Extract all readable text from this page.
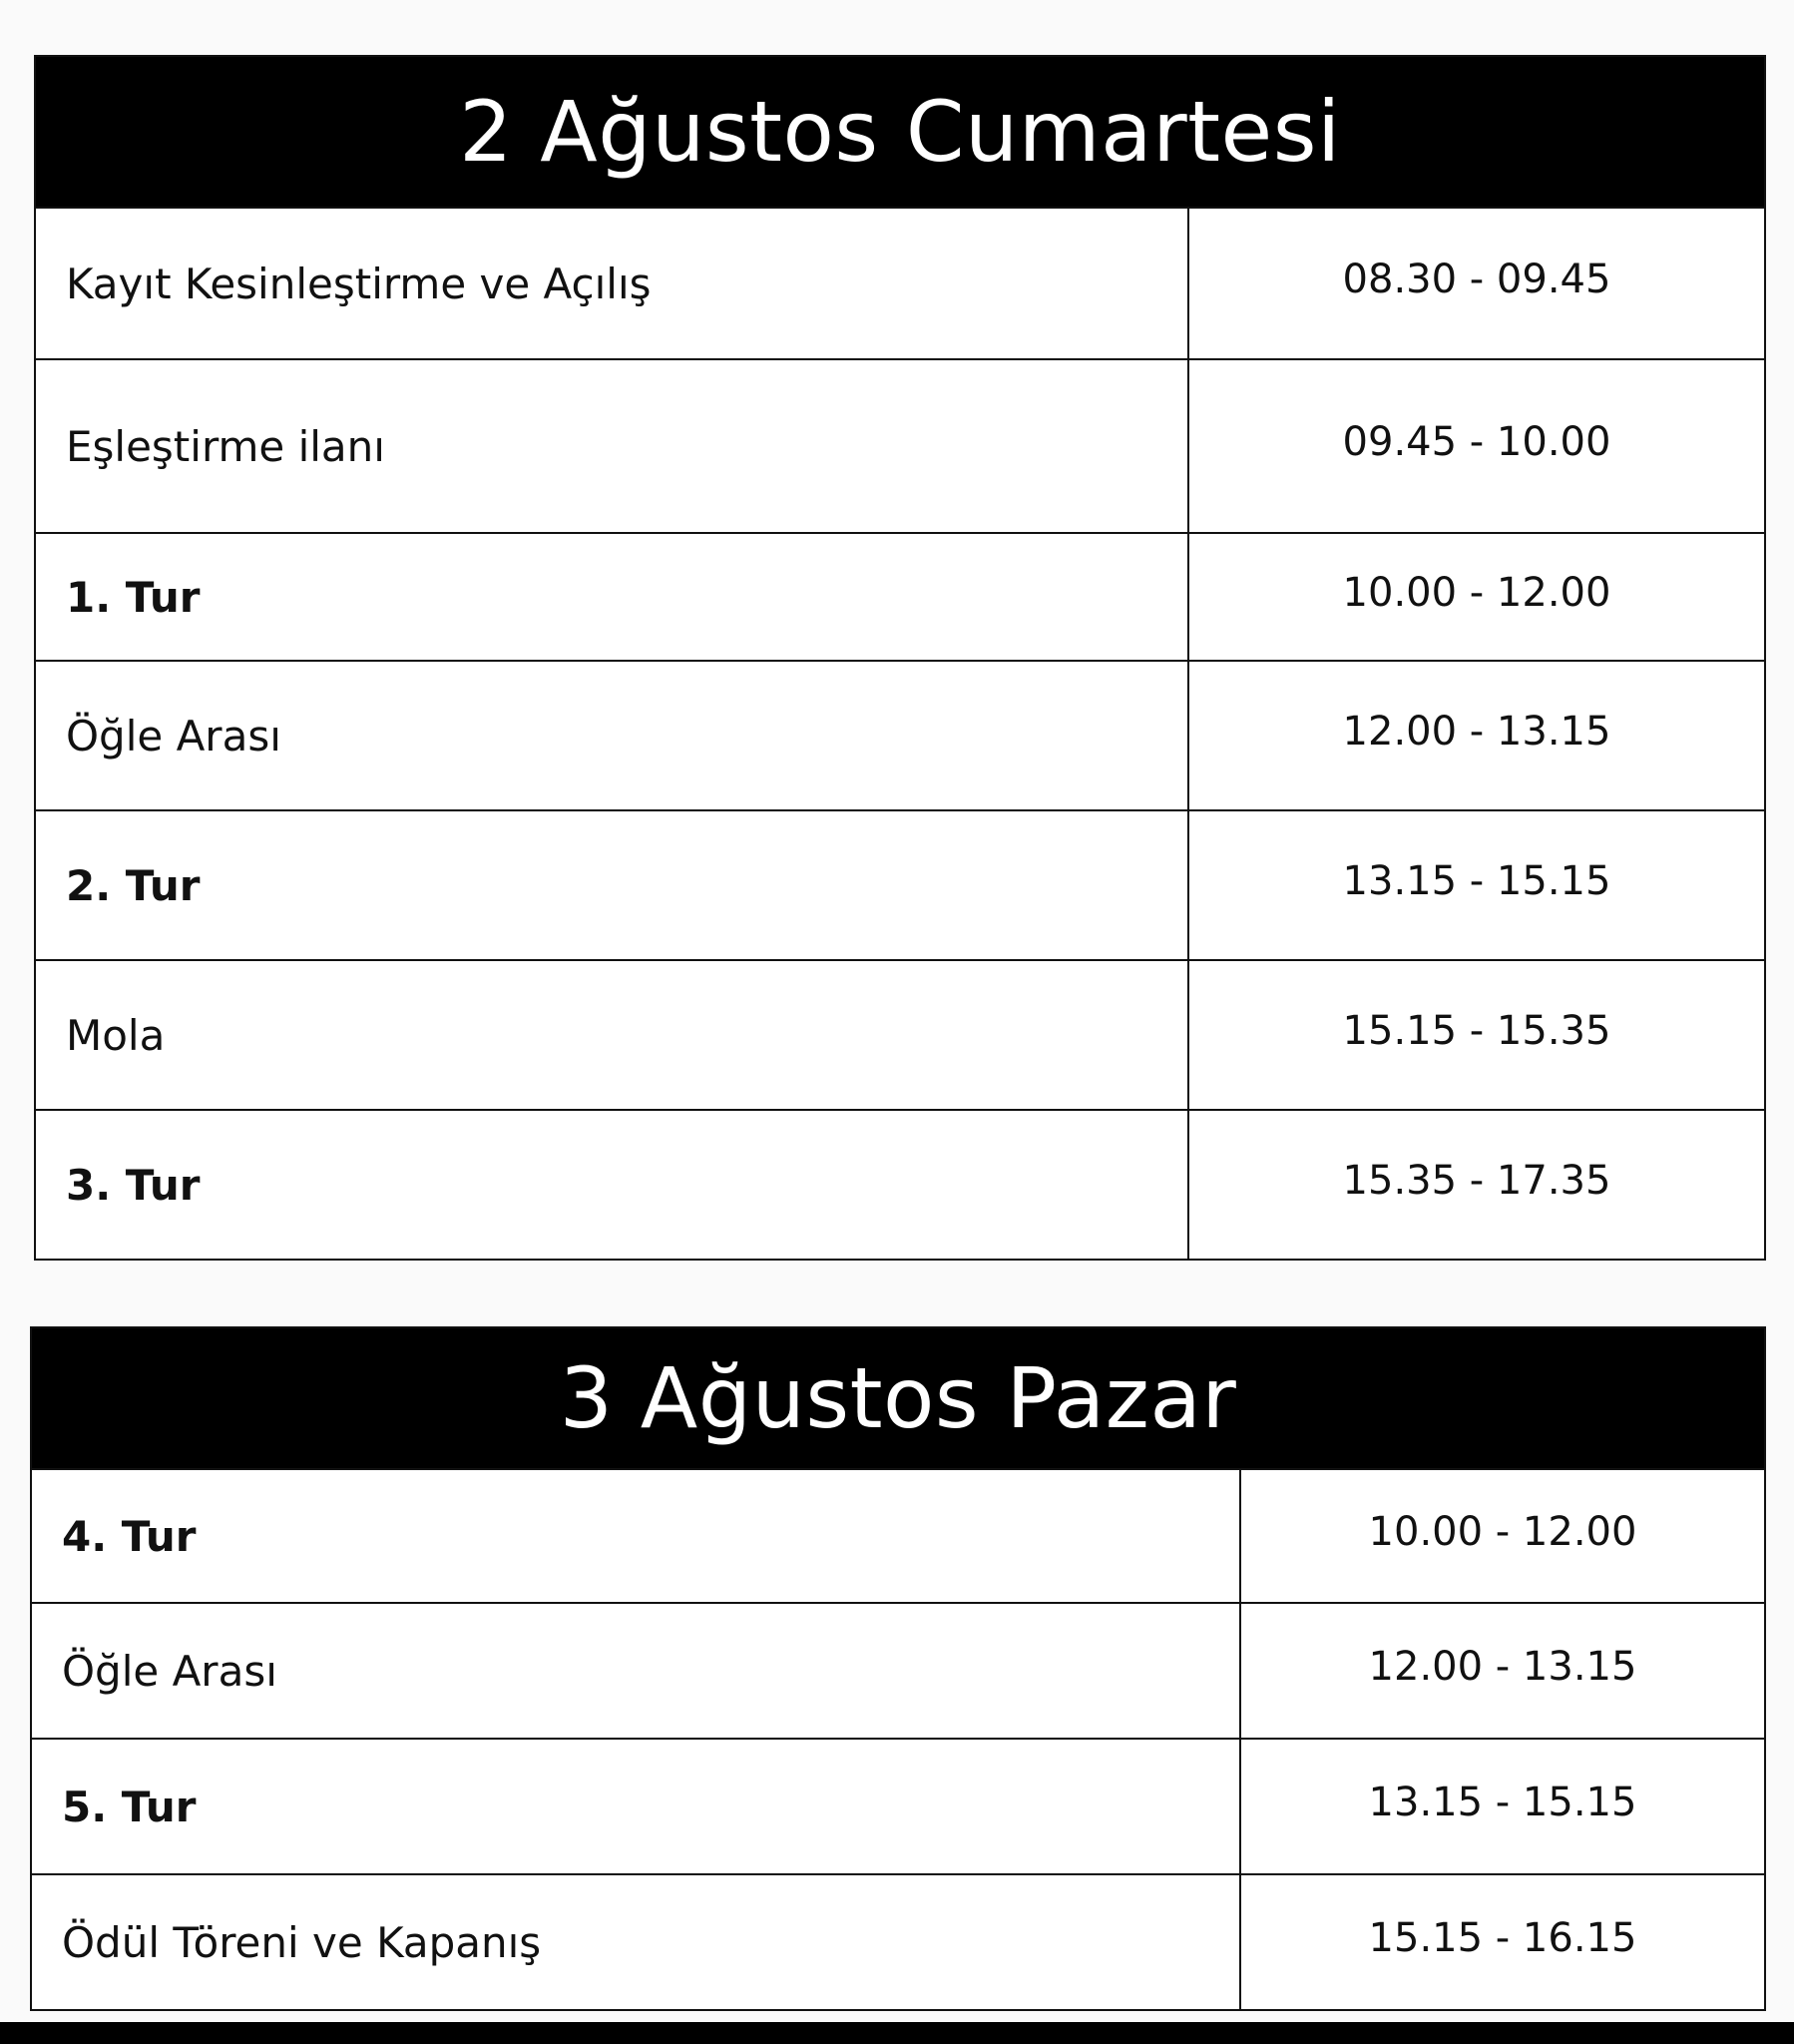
2 Ağustos Cumartesi
Kayıt Kesinleştirme ve Açılış	08.30 - 09.45
Eşleştirme ilanı	09.45 - 10.00
1. Tur	10.00 - 12.00
Öğle Arası	12.00 - 13.15
2. Tur	13.15 - 15.15
Mola	15.15 - 15.35
3. Tur	15.35 - 17.35
3 Ağustos Pazar
4. Tur	10.00 - 12.00
Öğle Arası	12.00 - 13.15
5. Tur	13.15 - 15.15
Ödül Töreni ve Kapanış	15.15 - 16.15
